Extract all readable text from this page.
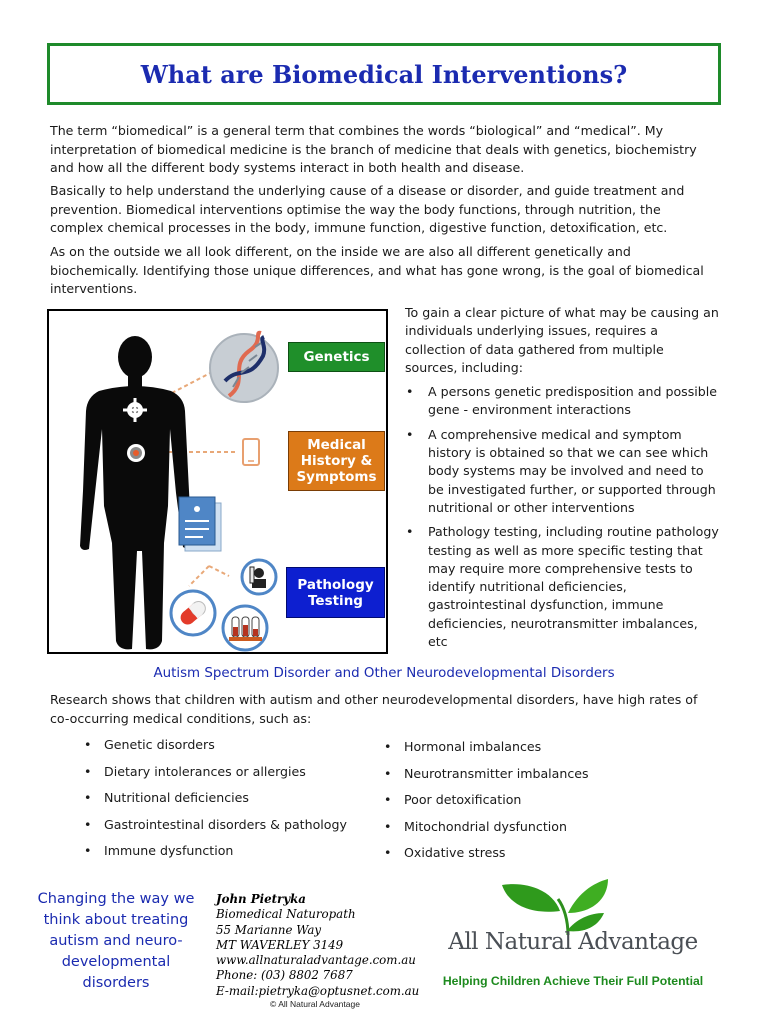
What are Biomedical Interventions?

The term “biomedical” is a general term that combines the words “biological” and “medical”. My interpretation of biomedical medicine is the branch of medicine that deals with genetics, biochemistry and how all the different body systems interact in both health and disease.

Basically to help understand the underlying cause of a disease or disorder, and guide treatment and prevention. Biomedical interventions optimise the way the body functions, through nutrition, the complex chemical processes in the body, immune function, digestive function, detoxification, etc.

As on the outside we all look different, on the inside we are also all different genetically and biochemically. Identifying those unique differences, and what has gone wrong, is the goal of biomedical interventions.

Genetics
Medical
History &
Symptoms
Pathology
Testing

To gain a clear picture of what may be causing an individuals underlying issues, requires a collection of data gathered from multiple sources, including:

• A persons genetic predisposition and possible gene - environment interactions
• A comprehensive medical and symptom history is obtained so that we can see which body systems may be involved and need to be investigated further, or supported through nutritional or other interventions
• Pathology testing, including routine pathology testing as well as more specific testing that may require more comprehensive tests to identify nutritional deficiencies, gastrointestinal dysfunction, immune deficiencies, neurotransmitter imbalances, etc
Autism Spectrum Disorder and Other Neurodevelopmental Disorders

Research shows that children with autism and other neurodevelopmental disorders, have high rates of co-occurring medical conditions, such as:

• Genetic disorders
• Dietary intolerances or allergies
• Nutritional deficiencies
• Gastrointestinal disorders & pathology
• Immune dysfunction
• Hormonal imbalances
• Neurotransmitter imbalances
• Poor detoxification
• Mitochondrial dysfunction
• Oxidative stress

Changing the way we think about treating autism and neuro-developmental disorders

John Pietryka
Biomedical Naturopath
55 Marianne Way
MT WAVERLEY 3149
www.allnaturaladvantage.com.au
Phone: (03) 8802 7687
E-mail:pietryka@optusnet.com.au
All Natural Advantage
Helping Children Achieve Their Full Potential
© All Natural Advantage
